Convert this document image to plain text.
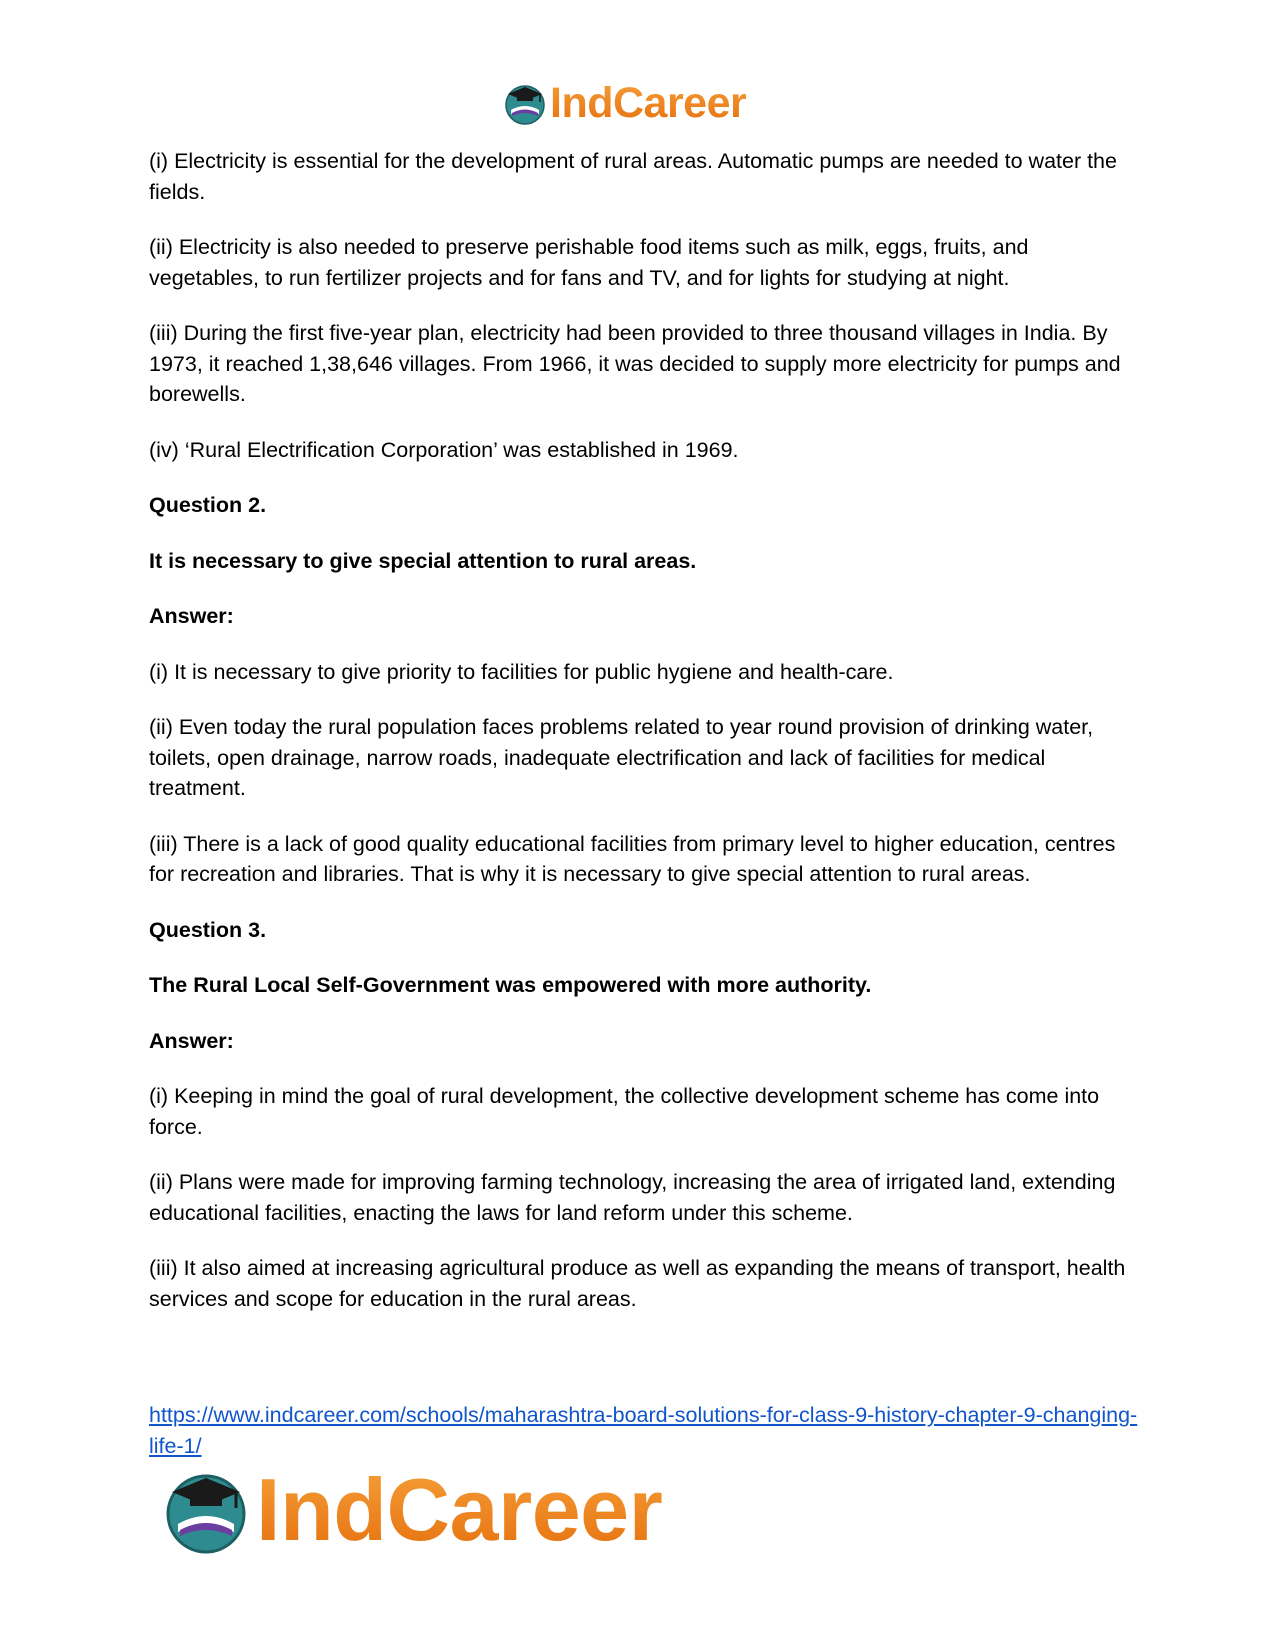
IndCareer

(i) Electricity is essential for the development of rural areas. Automatic pumps are needed to water the fields.

(ii) Electricity is also needed to preserve perishable food items such as milk, eggs, fruits, and vegetables, to run fertilizer projects and for fans and TV, and for lights for studying at night.

(iii) During the first five-year plan, electricity had been provided to three thousand villages in India. By 1973, it reached 1,38,646 villages. From 1966, it was decided to supply more electricity for pumps and borewells.

(iv) ‘Rural Electrification Corporation’ was established in 1969.

Question 2.

It is necessary to give special attention to rural areas.

Answer:

(i) It is necessary to give priority to facilities for public hygiene and health-care.

(ii) Even today the rural population faces problems related to year round provision of drinking water, toilets, open drainage, narrow roads, inadequate electrification and lack of facilities for medical treatment.

(iii) There is a lack of good quality educational facilities from primary level to higher education, centres for recreation and libraries. That is why it is necessary to give special attention to rural areas.

Question 3.

The Rural Local Self-Government was empowered with more authority.

Answer:

(i) Keeping in mind the goal of rural development, the collective development scheme has come into force.

(ii) Plans were made for improving farming technology, increasing the area of irrigated land, extending educational facilities, enacting the laws for land reform under this scheme.

(iii) It also aimed at increasing agricultural produce as well as expanding the means of transport, health services and scope for education in the rural areas.

https://www.indcareer.com/schools/maharashtra-board-solutions-for-class-9-history-chapter-9-changing-life-1/
IndCareer
